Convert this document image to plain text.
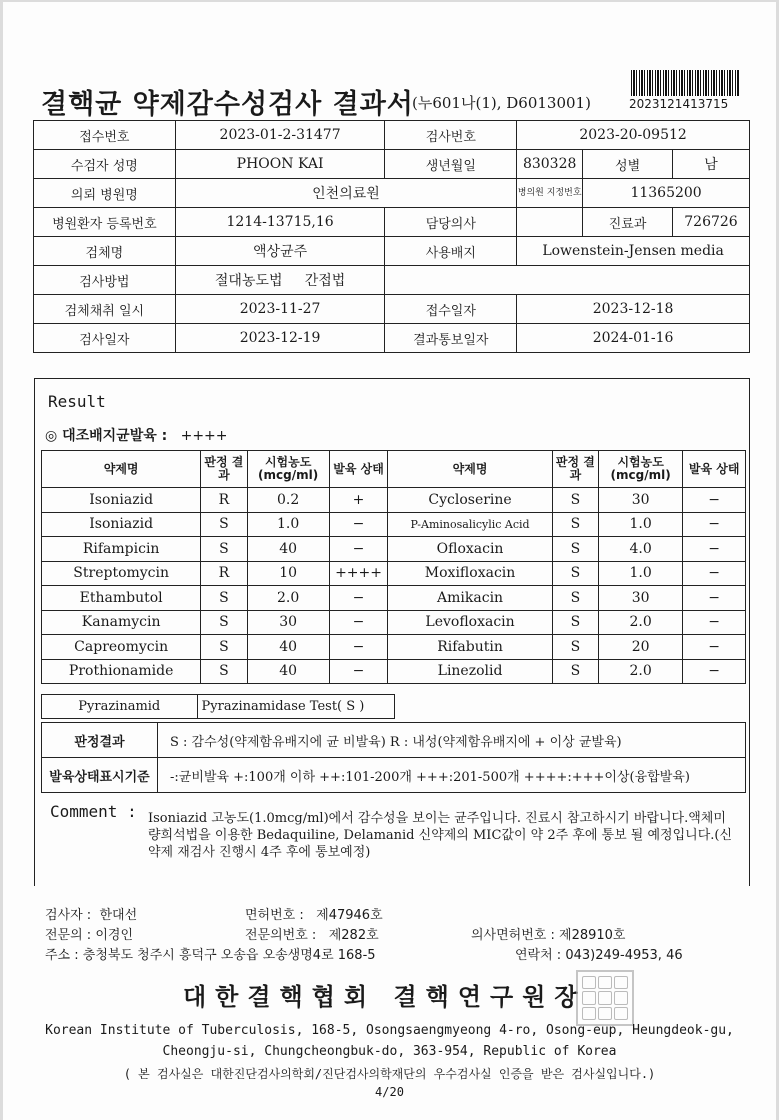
결핵균 약제감수성검사 결과서
(누601나(1), D6013001)	2023121413715
접수번호	2023-01-2-31477	검사번호	2023-20-09512		
수검자 성명	PHOON KAI	생년월일	830328	성별	남
의뢰 병원명	인천의료원		병의원 지정번호	11365200	
병원환자 등록번호	1214-13715,16	담당의사		진료과	726726
검체명	액상균주	사용배지	Lowenstein-Jensen media		
검사방법	절대농도법 간접법				
검체채취 일시	2023-11-27	접수일자	2023-12-18		
검사일자	2023-12-19	결과통보일자	2024-01-16		
Result
◎ 대조배지균발육 : ++++
약제명	판정 결과	시험농도 (mcg/ml)	발육 상태	약제명	판정 결과	시험농도 (mcg/ml)	발육 상태
Isoniazid	R	0.2	+	Cycloserine	S	30	−
Isoniazid	S	1.0	−	P-Aminosalicylic Acid	S	1.0	−
Rifampicin	S	40	−	Ofloxacin	S	4.0	−
Streptomycin	R	10	++++	Moxifloxacin	S	1.0	−
Ethambutol	S	2.0	−	Amikacin	S	30	−
Kanamycin	S	30	−	Levofloxacin	S	2.0	−
Capreomycin	S	40	−	Rifabutin	S	20	−
Prothionamide	S	40	−	Linezolid	S	2.0	−
Pyrazinamid	Pyrazinamidase Test( S )
판정결과	S : 감수성(약제함유배지에 균 비발육) R : 내성(약제함유배지에 + 이상 균발육)
발육상태표시기준	-:균비발육 +:100개 이하 ++:101-200개 +++:201-500개 ++++:+++이상(융합발육)
Comment : Isoniazid 고농도(1.0mcg/ml)에서 감수성을 보이는 균주입니다. 진료시 참고하시기 바랍니다.액체미량희석법을 이용한 Bedaquiline, Delamanid 신약제의 MIC값이 약 2주 후에 통보 될 예정입니다.(신약제 재검사 진행시 4주 후에 통보예정)
검사자 : 한대선	면허번호 : 제47946호
전문의 : 이경인	전문의번호 : 제282호	의사면허번호 : 제28910호
주소 : 충청북도 청주시 흥덕구 오송읍 오송생명4로 168-5	연락처 : 043)249-4953, 46
대한결핵협회 결핵연구원장
Korean Institute of Tuberculosis, 168-5, Osongsaengmyeong 4-ro, Osong-eup, Heungdeok-gu,
Cheongju-si, Chungcheongbuk-do, 363-954, Republic of Korea
( 본 검사실은 대한진단검사의학회/진단검사의학재단의 우수검사실 인증을 받은 검사실입니다.)
4/20
